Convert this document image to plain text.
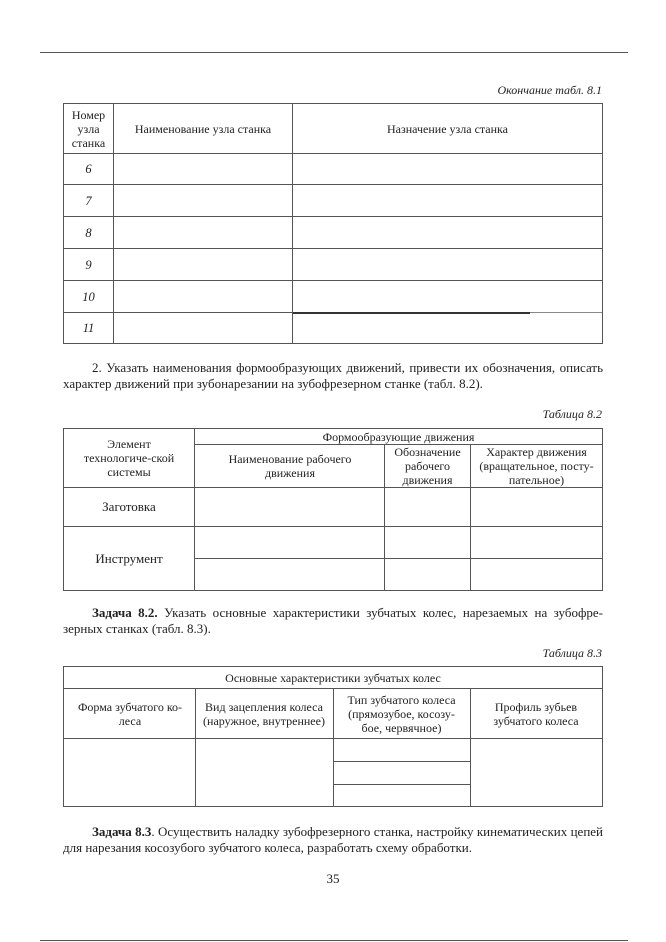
Окончание табл. 8.1
Номер узла станка
Наименование узла станка	Назначение узла станка
6
7
8
9
10
11
2. Указать наименования формообразующих движений, привести их обозначения, описать характер движений при зубонарезании на зубофрезерном станке (табл. 8.2).
Таблица 8.2
Элемент технологиче-ской системы
Формообразующие движения
Наименование рабочего движения
Обозначение рабочего движения
Характер движения (вращательное, посту-пательное)
Заготовка
Инструмент
Задача 8.2. Указать основные характеристики зубчатых колес, нарезаемых на зубофре-зерных станках (табл. 8.3).
Таблица 8.3
Основные характеристики зубчатых колес
Форма зубчатого ко-леса
Вид зацепления колеса (наружное, внутреннее)
Тип зубчатого колеса (прямозубое, косозу-бое, червячное)
Профиль зубьев зубчатого колеса
Задача 8.3. Осуществить наладку зубофрезерного станка, настройку кинематических цепей для нарезания косозубого зубчатого колеса, разработать схему обработки.
35
